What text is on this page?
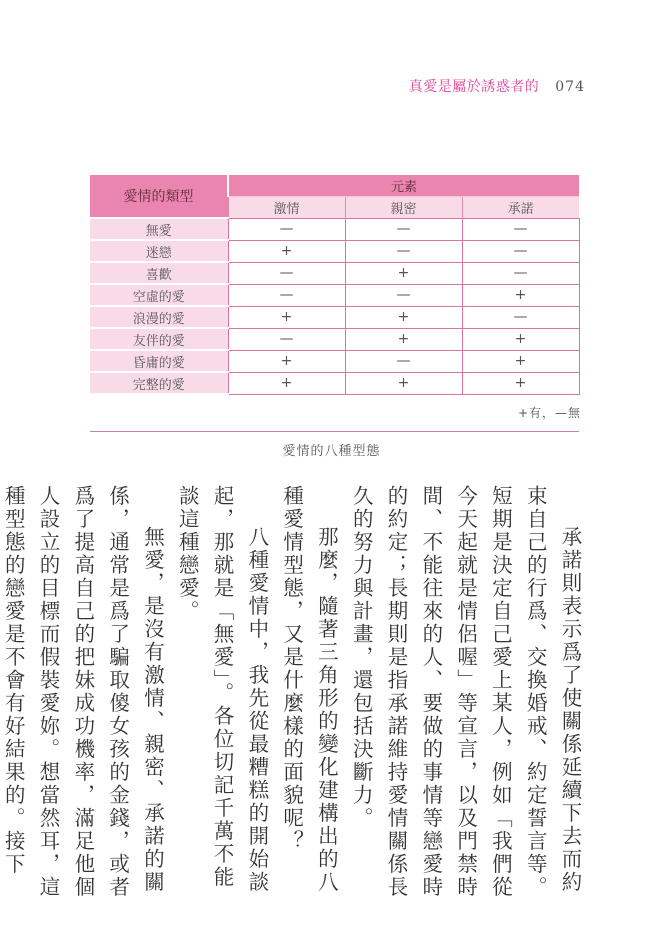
真愛是屬於誘惑者的 074
愛情的類型	元素		
	激情	親密	承諾
無愛	—	—	—
迷戀	+	—	—
喜歡	—	+	—
空虛的愛	—	—	+
浪漫的愛	+	+	—
友伴的愛	—	+	+
昏庸的愛	+	—	+
完整的愛	+	+	+
+有，—無
愛情的八種型態
承諾則表示爲了使關係延續下去而約束自己的行爲、交換婚戒、約定誓言等。短期是決定自己愛上某人，例如「我們從今天起就是情侶喔」等宣言，以及門禁時間、不能往來的人、要做的事情等戀愛時的約定；長期則是指承諾維持愛情關係長久的努力與計畫，還包括決斷力。
那麼，隨著三角形的變化建構出的八種愛情型態，又是什麼樣的面貌呢？
八種愛情中，我先從最糟糕的開始談起，那就是「無愛」。各位切記千萬不能談這種戀愛。
無愛，是沒有激情、親密、承諾的關係，通常是爲了騙取傻女孩的金錢，或者爲了提高自己的把妹成功機率，滿足他個人設立的目標而假裝愛妳。想當然耳，這種型態的戀愛是不會有好結果的。接下
